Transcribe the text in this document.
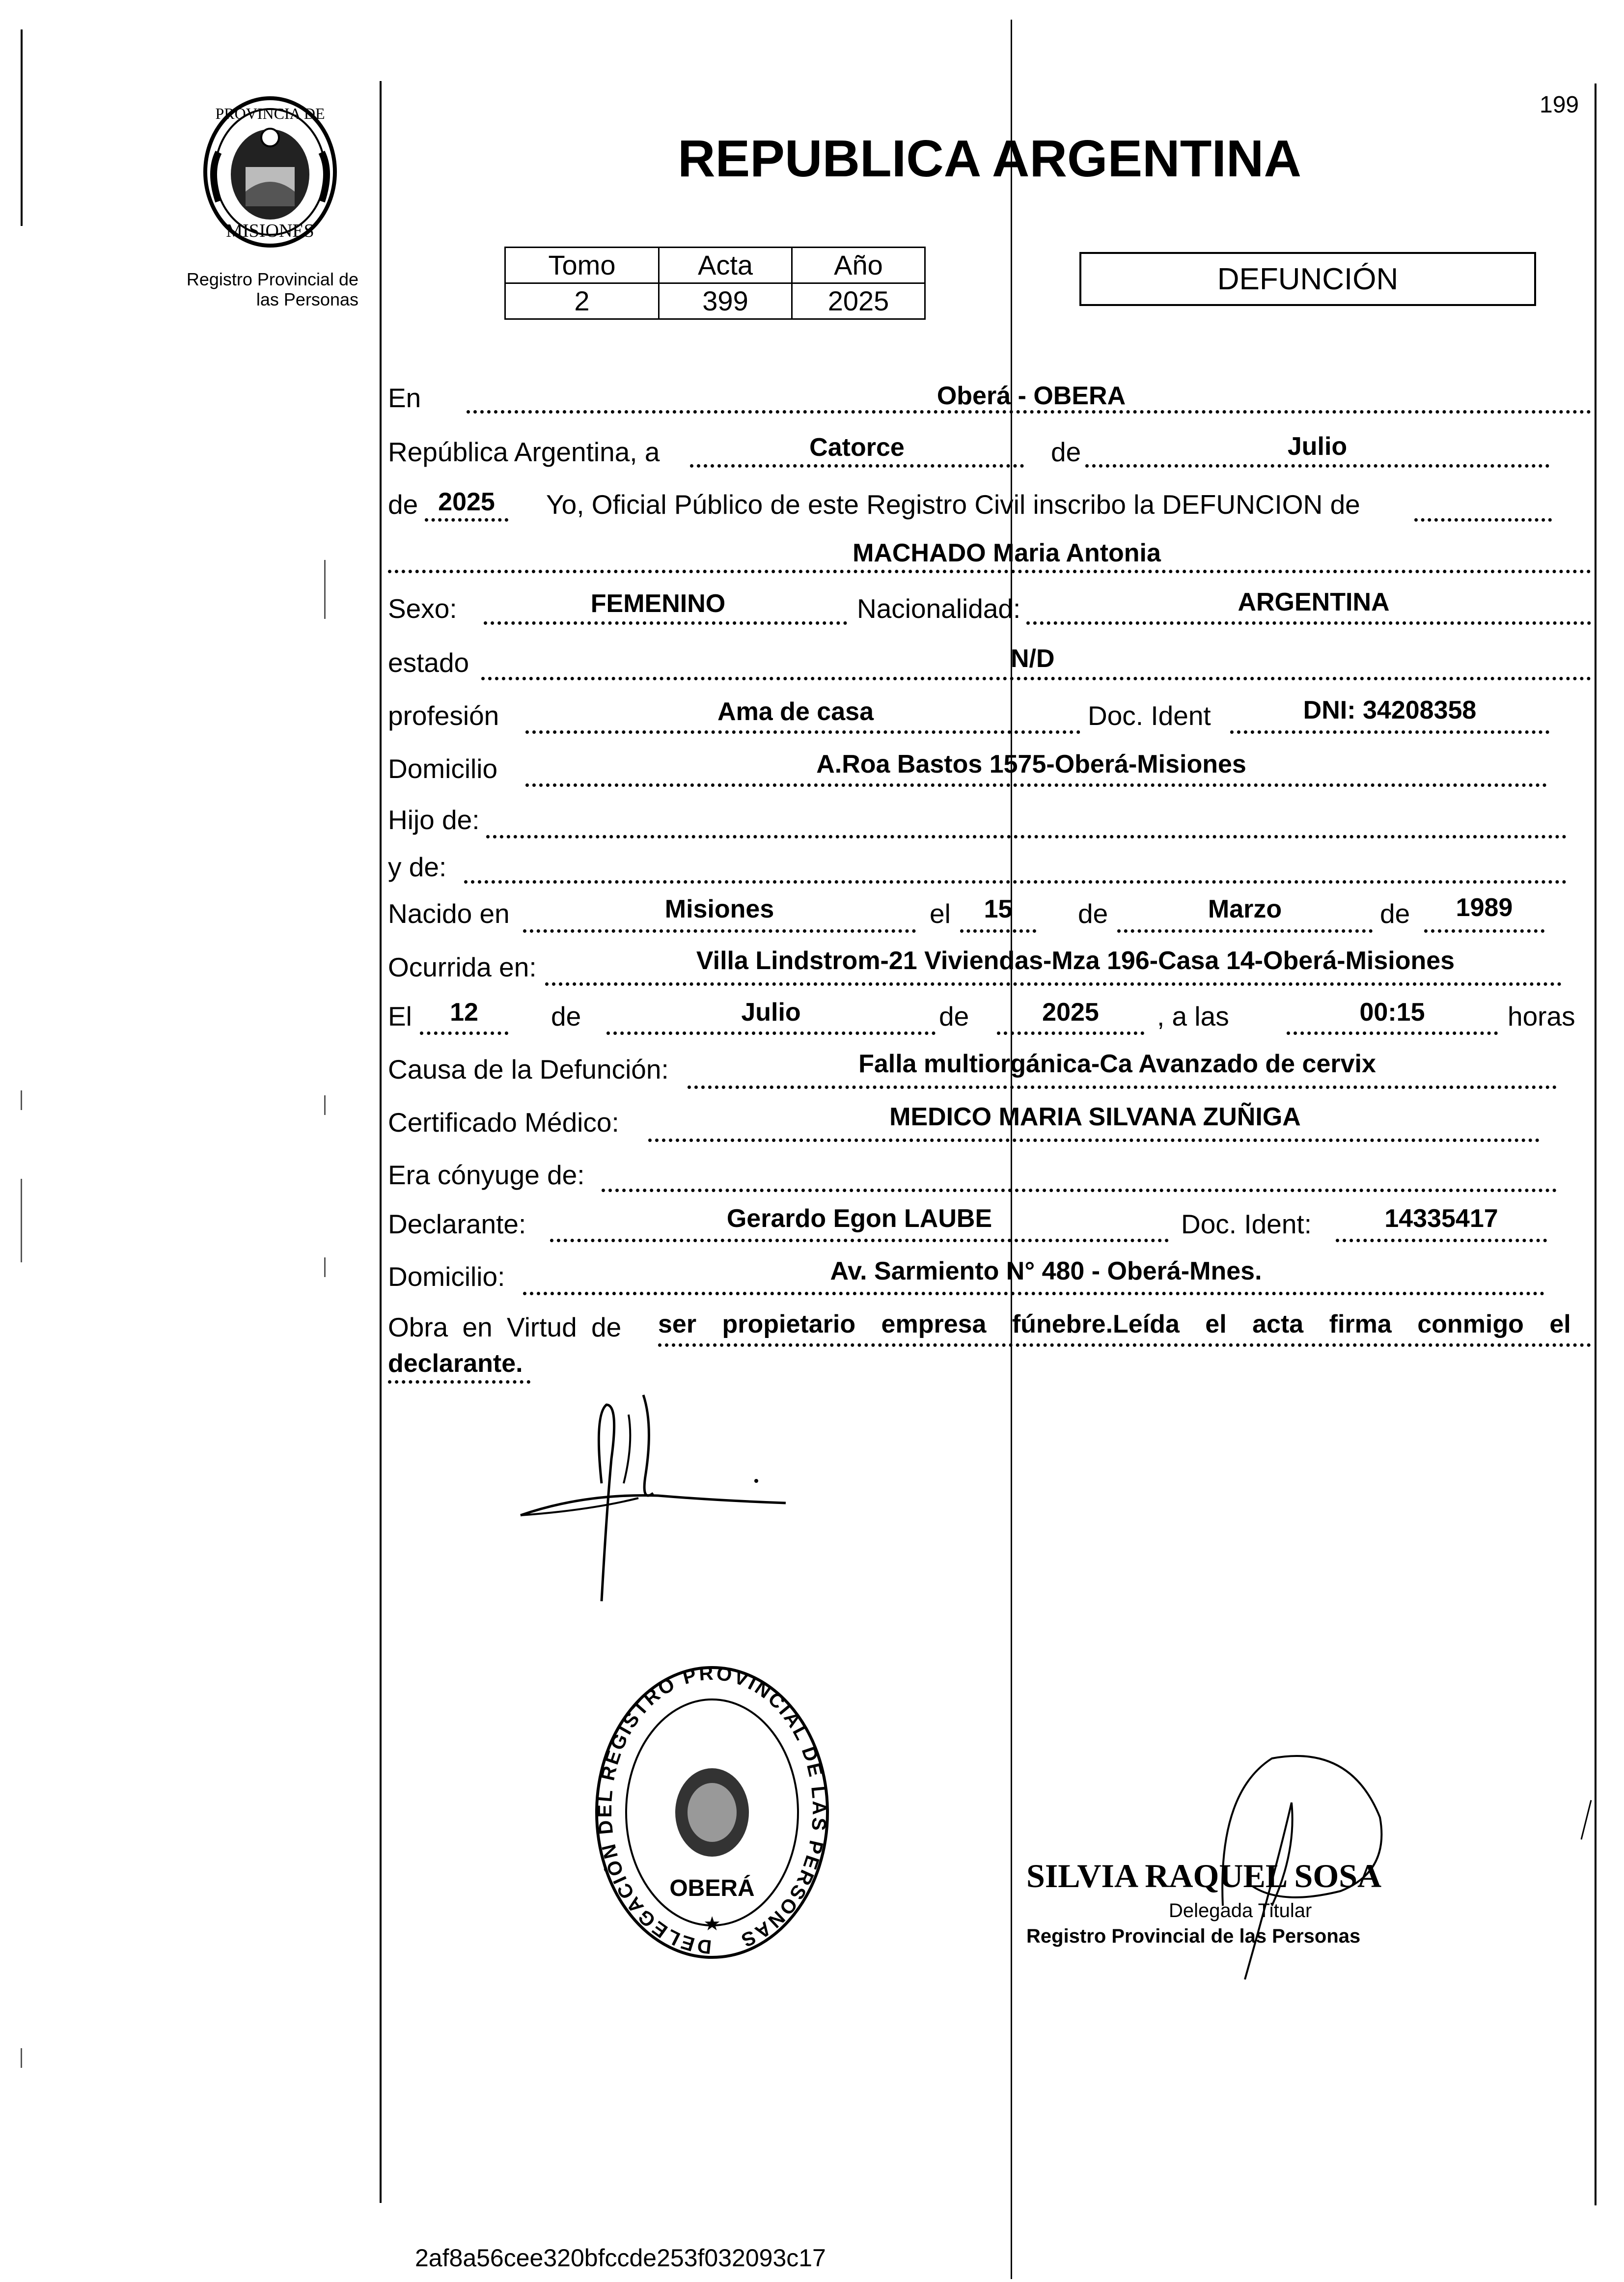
199
PROVINCIA DE
MISIONES
Registro Provincial de
las Personas
REPUBLICA ARGENTINA
Tomo	Acta	Año
2	399	2025
DEFUNCIÓN
En	Oberá - OBERA
República Argentina, a	Catorce	de	Julio
de 2025	Yo, Oficial Público de este Registro Civil inscribo la DEFUNCION de
MACHADO Maria Antonia
Sexo:	FEMENINO	Nacionalidad:	ARGENTINA
estado	N/D
profesión	Ama de casa	Doc. Ident	DNI: 34208358
Domicilio	A.Roa Bastos 1575-Oberá-Misiones
Hijo de:
y de:
Nacido en	Misiones	el	15	de	Marzo	de	1989
Ocurrida en:	Villa Lindstrom-21 Viviendas-Mza 196-Casa 14-Oberá-Misiones
El	12	de	Julio	de	2025	, a las	00:15	horas
Causa de la Defunción:	Falla multiorgánica-Ca Avanzado de cervix
Certificado Médico:	MEDICO MARIA SILVANA ZUÑIGA
Era cónyuge de:
Declarante:	Gerardo Egon LAUBE	Doc. Ident:	14335417
Domicilio:	Av. Sarmiento N° 480 - Oberá-Mnes.
Obra en Virtud de ser propietario empresa fúnebre.Leída el acta firma conmigo el
declarante.
DELEGACIÓN DEL REGISTRO PROVINCIAL DE LAS PERSONAS
OBERÁ
★
SILVIA RAQUEL SOSA
Delegada Titular
Registro Provincial de las Personas
2af8a56cee320bfccde253f032093c17
